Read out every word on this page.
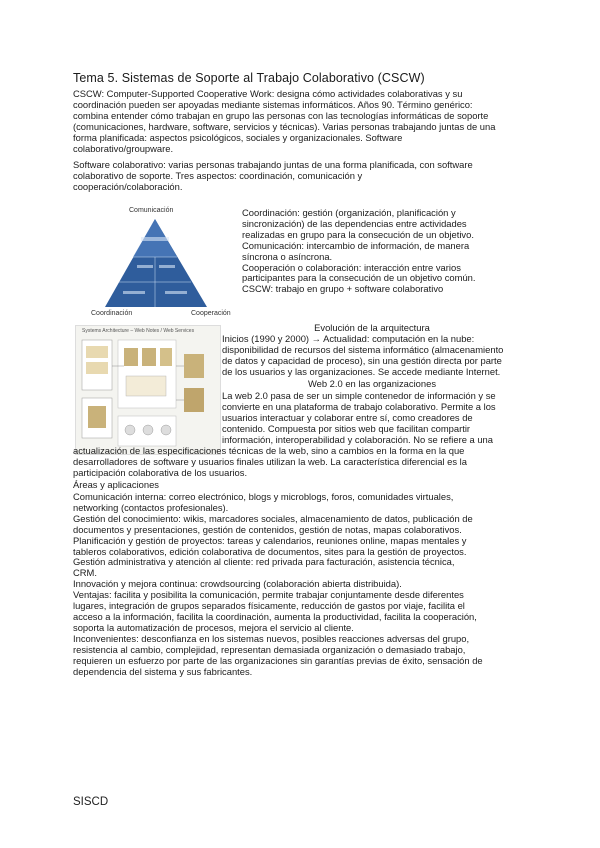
Tema 5. Sistemas de Soporte al Trabajo Colaborativo (CSCW)

CSCW: Computer-Supported Cooperative Work: designa cómo actividades colaborativas y su

coordinación pueden ser apoyadas mediante sistemas informáticos. Años 90. Término genérico:

combina entender cómo trabajan en grupo las personas con las tecnologías informáticas de soporte

(comunicaciones, hardware, software, servicios y técnicas). Varias personas trabajando juntas de una

forma planificada: aspectos psicológicos, sociales y organizacionales. Software

colaborativo/groupware.

Software colaborativo: varias personas trabajando juntas de una forma planificada, con software

colaborativo de soporte. Tres aspectos: coordinación, comunicación y

cooperación/colaboración.

Comunicación
Coordinación	Cooperación

Coordinación: gestión (organización, planificación y

sincronización) de las dependencias entre actividades

realizadas en grupo para la consecución de un objetivo.

Comunicación: intercambio de información, de manera

síncrona o asíncrona.

Cooperación o colaboración: interacción entre varios

participantes para la consecución de un objetivo común.

CSCW: trabajo en grupo + software colaborativo

Systems Architecture – Web Notes / Web Services	Evolución de la arquitectura

Inicios (1990 y 2000) → Actualidad: computación en la nube:

disponibilidad de recursos del sistema informático (almacenamiento

de datos y capacidad de proceso), sin una gestión directa por parte

de los usuarios y las organizaciones. Se accede mediante Internet.

Web 2.0 en las organizaciones

La web 2.0 pasa de ser un simple contenedor de información y se

convierte en una plataforma de trabajo colaborativo. Permite a los

usuarios interactuar y colaborar entre sí, como creadores de

contenido. Compuesta por sitios web que facilitan compartir

información, interoperabilidad y colaboración. No se refiere a una

actualización de las especificaciones técnicas de la web, sino a cambios en la forma en la que

desarrolladores de software y usuarios finales utilizan la web. La característica diferencial es la

participación colaborativa de los usuarios.

Áreas y aplicaciones

Comunicación interna: correo electrónico, blogs y microblogs, foros, comunidades virtuales,

networking (contactos profesionales).

Gestión del conocimiento: wikis, marcadores sociales, almacenamiento de datos, publicación de

documentos y presentaciones, gestión de contenidos, gestión de notas, mapas colaborativos.

Planificación y gestión de proyectos: tareas y calendarios, reuniones online, mapas mentales y

tableros colaborativos, edición colaborativa de documentos, sites para la gestión de proyectos.

Gestión administrativa y atención al cliente: red privada para facturación, asistencia técnica,

CRM.

Innovación y mejora continua: crowdsourcing (colaboración abierta distribuida).

Ventajas: facilita y posibilita la comunicación, permite trabajar conjuntamente desde diferentes

lugares, integración de grupos separados físicamente, reducción de gastos por viaje, facilita el

acceso a la información, facilita la coordinación, aumenta la productividad, facilita la cooperación,

soporta la automatización de procesos, mejora el servicio al cliente.

Inconvenientes: desconfianza en los sistemas nuevos, posibles reacciones adversas del grupo,

resistencia al cambio, complejidad, representan demasiada organización o demasiado trabajo,

requieren un esfuerzo por parte de las organizaciones sin garantías previas de éxito, sensación de

dependencia del sistema y sus fabricantes.

SISCD
